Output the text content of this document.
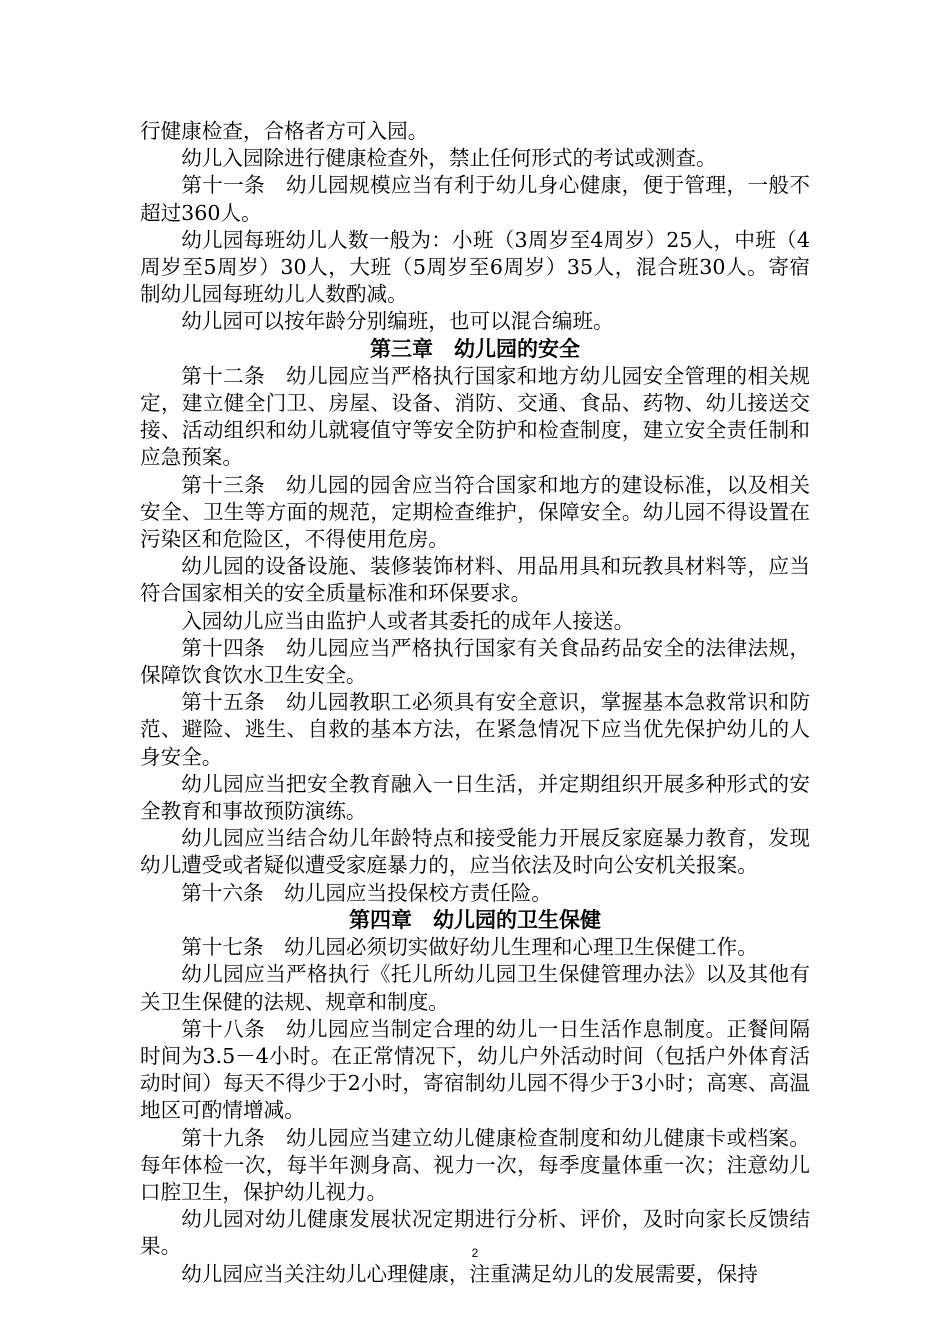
行健康检查，合格者方可入园。

幼儿入园除进行健康检查外，禁止任何形式的考试或测查。

第十一条　幼儿园规模应当有利于幼儿身心健康，便于管理，一般不超过360人。

幼儿园每班幼儿人数一般为：小班（3周岁至4周岁）25人，中班（4周岁至5周岁）30人，大班（5周岁至6周岁）35人，混合班30人。寄宿制幼儿园每班幼儿人数酌减。

幼儿园可以按年龄分别编班，也可以混合编班。

第三章　幼儿园的安全

第十二条　幼儿园应当严格执行国家和地方幼儿园安全管理的相关规定，建立健全门卫、房屋、设备、消防、交通、食品、药物、幼儿接送交接、活动组织和幼儿就寝值守等安全防护和检查制度，建立安全责任制和应急预案。

第十三条　幼儿园的园舍应当符合国家和地方的建设标准，以及相关安全、卫生等方面的规范，定期检查维护，保障安全。幼儿园不得设置在污染区和危险区，不得使用危房。

幼儿园的设备设施、装修装饰材料、用品用具和玩教具材料等，应当符合国家相关的安全质量标准和环保要求。

入园幼儿应当由监护人或者其委托的成年人接送。

第十四条　幼儿园应当严格执行国家有关食品药品安全的法律法规，保障饮食饮水卫生安全。

第十五条　幼儿园教职工必须具有安全意识，掌握基本急救常识和防范、避险、逃生、自救的基本方法，在紧急情况下应当优先保护幼儿的人身安全。

幼儿园应当把安全教育融入一日生活，并定期组织开展多种形式的安全教育和事故预防演练。

幼儿园应当结合幼儿年龄特点和接受能力开展反家庭暴力教育，发现幼儿遭受或者疑似遭受家庭暴力的，应当依法及时向公安机关报案。

第十六条　幼儿园应当投保校方责任险。

第四章　幼儿园的卫生保健

第十七条　幼儿园必须切实做好幼儿生理和心理卫生保健工作。

幼儿园应当严格执行《托儿所幼儿园卫生保健管理办法》以及其他有关卫生保健的法规、规章和制度。

第十八条　幼儿园应当制定合理的幼儿一日生活作息制度。正餐间隔时间为3.5－4小时。在正常情况下，幼儿户外活动时间（包括户外体育活动时间）每天不得少于2小时，寄宿制幼儿园不得少于3小时；高寒、高温地区可酌情增减。

第十九条　幼儿园应当建立幼儿健康检查制度和幼儿健康卡或档案。每年体检一次，每半年测身高、视力一次，每季度量体重一次；注意幼儿口腔卫生，保护幼儿视力。

幼儿园对幼儿健康发展状况定期进行分析、评价，及时向家长反馈结果。

幼儿园应当关注幼儿心理健康，注重满足幼儿的发展需要，保持

2
